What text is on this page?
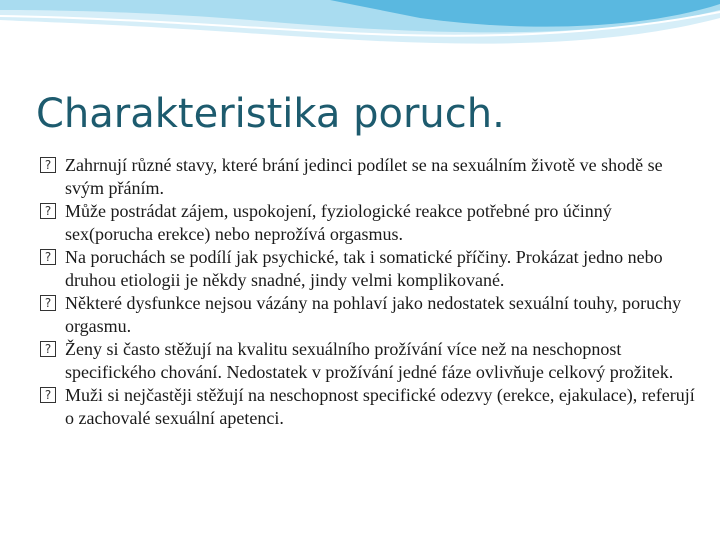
Charakteristika poruch.
? Zahrnují různé stavy, které brání jedinci podílet se na sexuálním životě ve shodě se svým přáním.
? Může postrádat zájem, uspokojení, fyziologické reakce potřebné pro účinný sex(porucha erekce) nebo neprožívá orgasmus.
? Na poruchách se podílí jak psychické, tak i somatické příčiny. Prokázat jedno nebo druhou etiologii je někdy snadné, jindy velmi komplikované.
? Některé dysfunkce nejsou vázány na pohlaví jako nedostatek sexuální touhy, poruchy orgasmu.
? Ženy si často stěžují na kvalitu sexuálního prožívání více než na neschopnost specifického chování. Nedostatek v prožívání jedné fáze ovlivňuje celkový prožitek.
? Muži si nejčastěji stěžují na neschopnost specifické odezvy (erekce, ejakulace), referují o zachovalé sexuální apetenci.
